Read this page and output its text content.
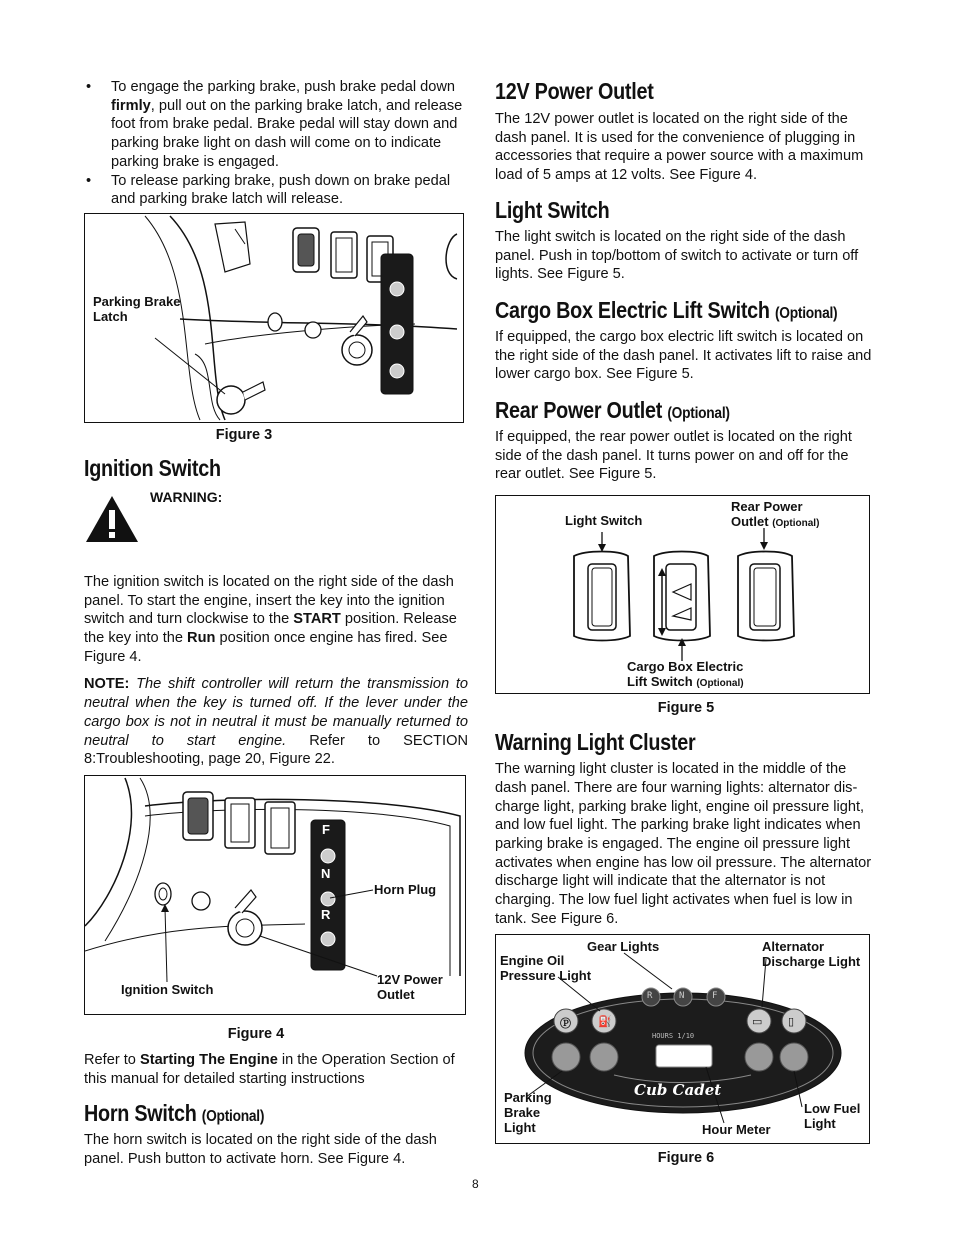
• To engage the parking brake, push brake pedal down firmly, pull out on the parking brake latch, and release foot from brake pedal. Brake pedal will stay down and parking brake light on dash will come on to indicate parking brake is engaged.
• To release parking brake, push down on brake pedal and parking brake latch will release.
F
N
R
Parking Brake
Latch
Figure 3
Ignition Switch
WARNING:

The ignition switch is located on the right side of the dash panel. To start the engine, insert the key into the ignition switch and turn clockwise to the START position. Release the key into the Run position once engine has fired. See Figure 4.

NOTE: The shift controller will return the transmission to neutral when the key is turned off. If the lever under the cargo box is not in neutral it must be manually returned to neutral to start engine. Refer to SECTION 8:Troubleshooting, page 20, Figure 22.

F
N
R
Horn Plug
Ignition Switch
12V Power
Outlet
Figure 4

Refer to Starting The Engine in the Operation Section of this manual for detailed starting instructions

Horn Switch (Optional)

The horn switch is located on the right side of the dash panel. Push button to activate horn. See Figure 4.

12V Power Outlet

The 12V power outlet is located on the right side of the dash panel. It is used for the convenience of plugging in accessories that require a power source with a maximum load of 5 amps at 12 volts. See Figure 4.

Light Switch

The light switch is located on the right side of the dash panel. Push in top/bottom of switch to activate or turn off lights. See Figure 5.

Cargo Box Electric Lift Switch (Optional)

If equipped, the cargo box electric lift switch is located on the right side of the dash panel. It activates lift to raise and lower cargo box. See Figure 5.

Rear Power Outlet (Optional)

If equipped, the rear power outlet is located on the right side of the dash panel. It turns power on and off for the rear outlet. See Figure 5.

Light Switch
Rear Power
Outlet (Optional)
Cargo Box Electric
Lift Switch (Optional)
Figure 5
Warning Light Cluster

The warning light cluster is located in the middle of the dash panel. There are four warning lights: alternator dis-charge light, parking brake light, engine oil pressure light, and low fuel light. The parking brake light indicates when parking brake is engaged. The engine oil pressure light activates when engine has low oil pressure. The alternator discharge light will indicate that the alternator is not charging. The low fuel light activates when fuel is low in tank. See Figure 6.

Ⓟ ⛽	▭ ▯
R	N	F
HOURS 1/10
Cub Cadet
Gear Lights
Engine Oil
Pressure Light
Alternator
Discharge Light
Parking
Brake
Light
Low Fuel
Light
Hour Meter
Figure 6
8
